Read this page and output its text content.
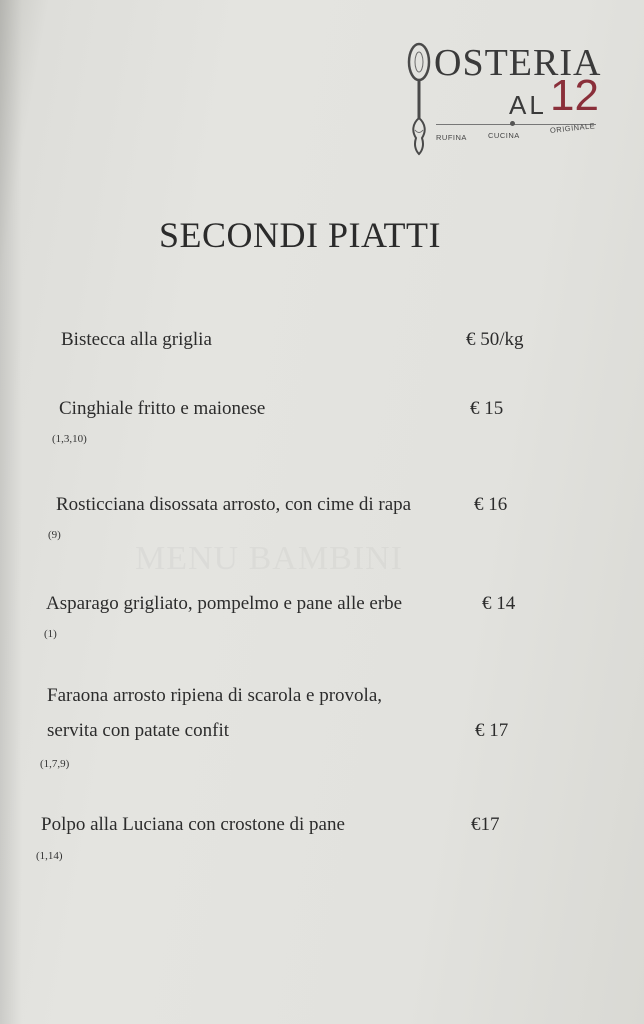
OSTERIA
AL 12
RUFINA	CUCINA
ORIGINALE
SECONDI PIATTI
Bistecca alla griglia	€ 50/kg
Cinghiale fritto e maionese	€ 15
(1,3,10)
Rosticciana disossata arrosto, con cime di rapa	€ 16
(9)
Asparago grigliato, pompelmo e pane alle erbe	€ 14
(1)
Faraona arrosto ripiena di scarola e provola,
servita con patate confit	€ 17
(1,7,9)
Polpo alla Luciana con crostone di pane	€17
(1,14)
